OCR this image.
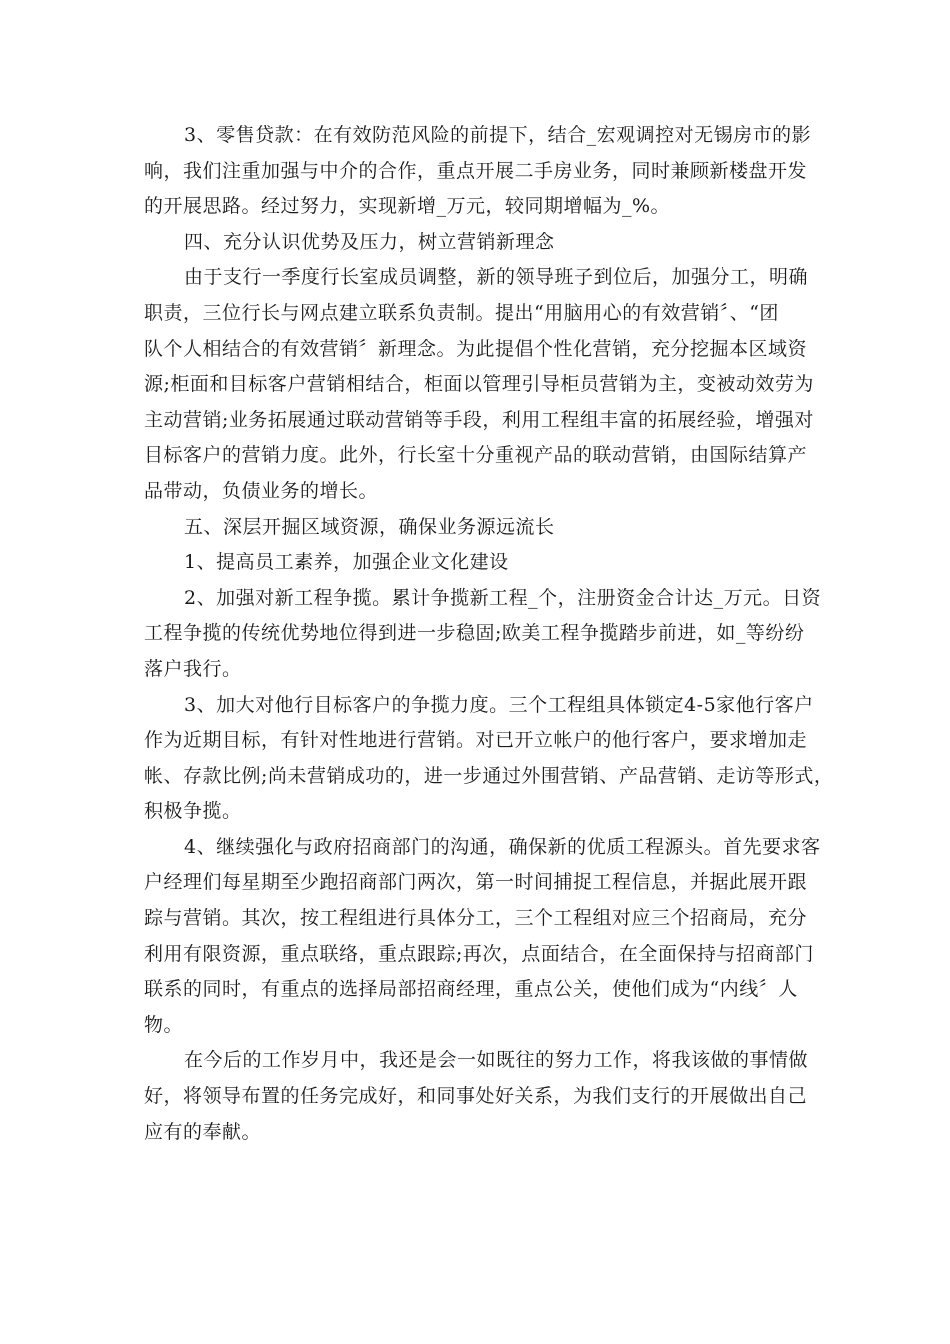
3、零售贷款：在有效防范风险的前提下，结合_宏观调控对无锡房市的影
响，我们注重加强与中介的合作，重点开展二手房业务，同时兼顾新楼盘开发
的开展思路。经过努力，实现新增_万元，较同期增幅为_%。

四、充分认识优势及压力，树立营销新理念

由于支行一季度行长室成员调整，新的领导班子到位后，加强分工，明确
职责，三位行长与网点建立联系负责制。提出“用脑用心的有效营销〞、“团
队个人相结合的有效营销〞新理念。为此提倡个性化营销，充分挖掘本区域资
源;柜面和目标客户营销相结合，柜面以管理引导柜员营销为主，变被动效劳为
主动营销;业务拓展通过联动营销等手段，利用工程组丰富的拓展经验，增强对
目标客户的营销力度。此外，行长室十分重视产品的联动营销，由国际结算产
品带动，负债业务的增长。

五、深层开掘区域资源，确保业务源远流长

1、提高员工素养，加强企业文化建设

2、加强对新工程争揽。累计争揽新工程_个，注册资金合计达_万元。日资
工程争揽的传统优势地位得到进一步稳固;欧美工程争揽踏步前进，如_等纷纷
落户我行。

3、加大对他行目标客户的争揽力度。三个工程组具体锁定4-5家他行客户
作为近期目标，有针对性地进行营销。对已开立帐户的他行客户，要求增加走
帐、存款比例;尚未营销成功的，进一步通过外围营销、产品营销、走访等形式，
积极争揽。

4、继续强化与政府招商部门的沟通，确保新的优质工程源头。首先要求客
户经理们每星期至少跑招商部门两次，第一时间捕捉工程信息，并据此展开跟
踪与营销。其次，按工程组进行具体分工，三个工程组对应三个招商局，充分
利用有限资源，重点联络，重点跟踪;再次，点面结合，在全面保持与招商部门
联系的同时，有重点的选择局部招商经理，重点公关，使他们成为“内线〞人
物。

在今后的工作岁月中，我还是会一如既往的努力工作，将我该做的事情做
好，将领导布置的任务完成好，和同事处好关系，为我们支行的开展做出自己
应有的奉献。
